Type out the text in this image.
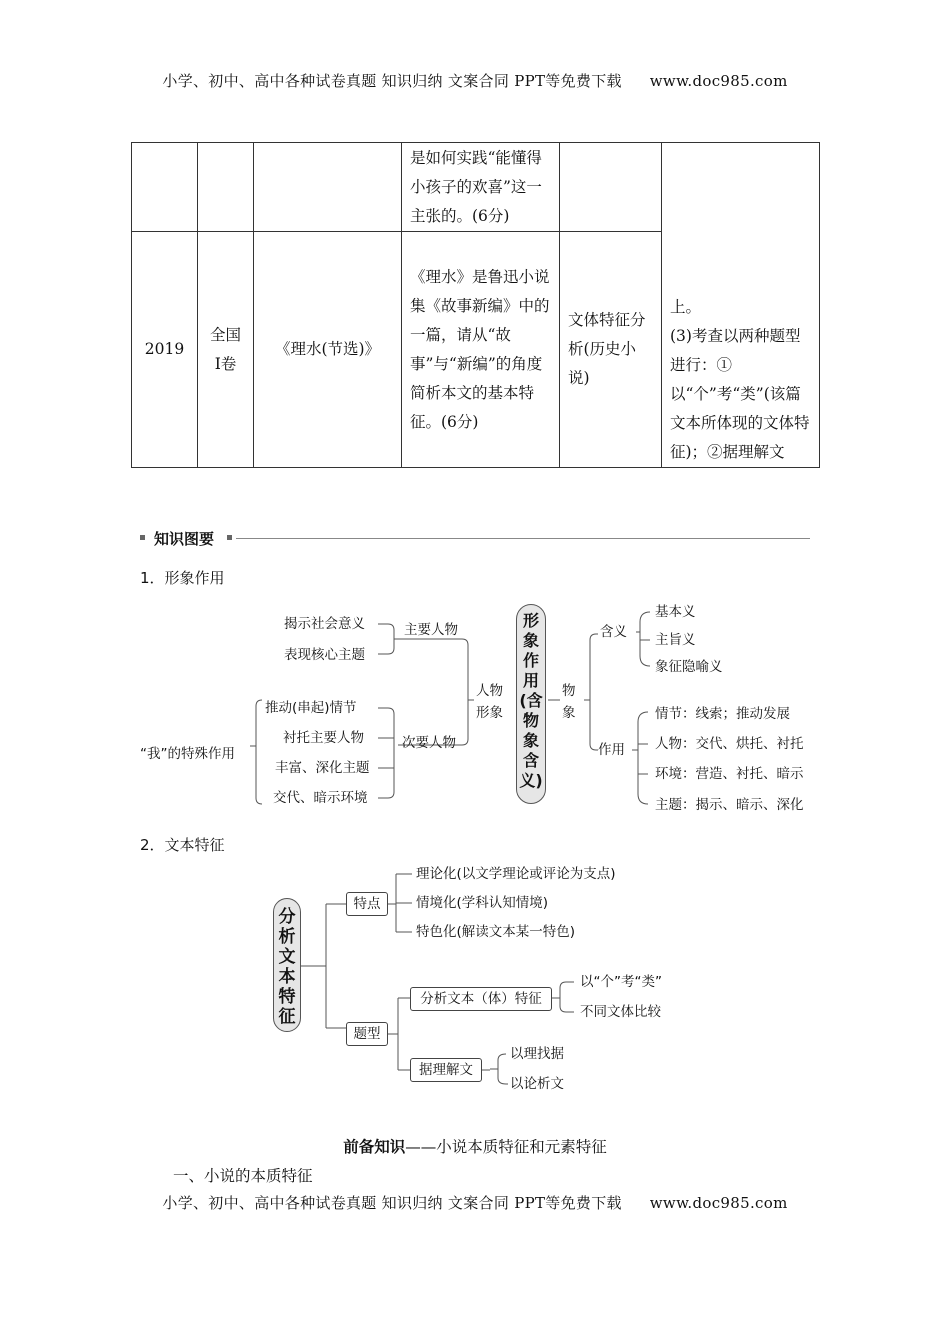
小学、初中、高中各种试卷真题 知识归纳 文案合同 PPT等免费下载 www.doc985.com
			是如何实践“能懂得小孩子的欢喜”这一主张的。(6分)		上。
(3)考查以两种题型进行：①以“个”考“类”(该篇文本所体现的文体特征)；②据理解文

2019	全国Ⅰ卷	《理水(节选)》	《理水》是鲁迅小说集《故事新编》中的一篇，请从“故事”与“新编”的角度简析本文的基本特征。(6分)	文体特征分析(历史小说)	
知识图要
1．形象作用
揭示社会意义
表现核心主题
主要人物
推动(串起)情节
衬托主要人物
丰富、深化主题
交代、暗示环境
次要人物
“我”的特殊作用
人物形象
形象作用(含物象含义)
物象
含义
基本义
主旨义
象征隐喻义
作用
情节：线索；推动发展
人物：交代、烘托、衬托
环境：营造、衬托、暗示
主题：揭示、暗示、深化
2．文本特征
分析文本特征
特点
理论化(以文学理论或评论为支点)
情境化(学科认知情境)
特色化(解读文本某一特色)
题型
分析文本（体）特征
以“个”考“类”
不同文体比较
据理解文
以理找据
以论析文
前备知识——小说本质特征和元素特征
一、小说的本质特征
小学、初中、高中各种试卷真题 知识归纳 文案合同 PPT等免费下载 www.doc985.com
